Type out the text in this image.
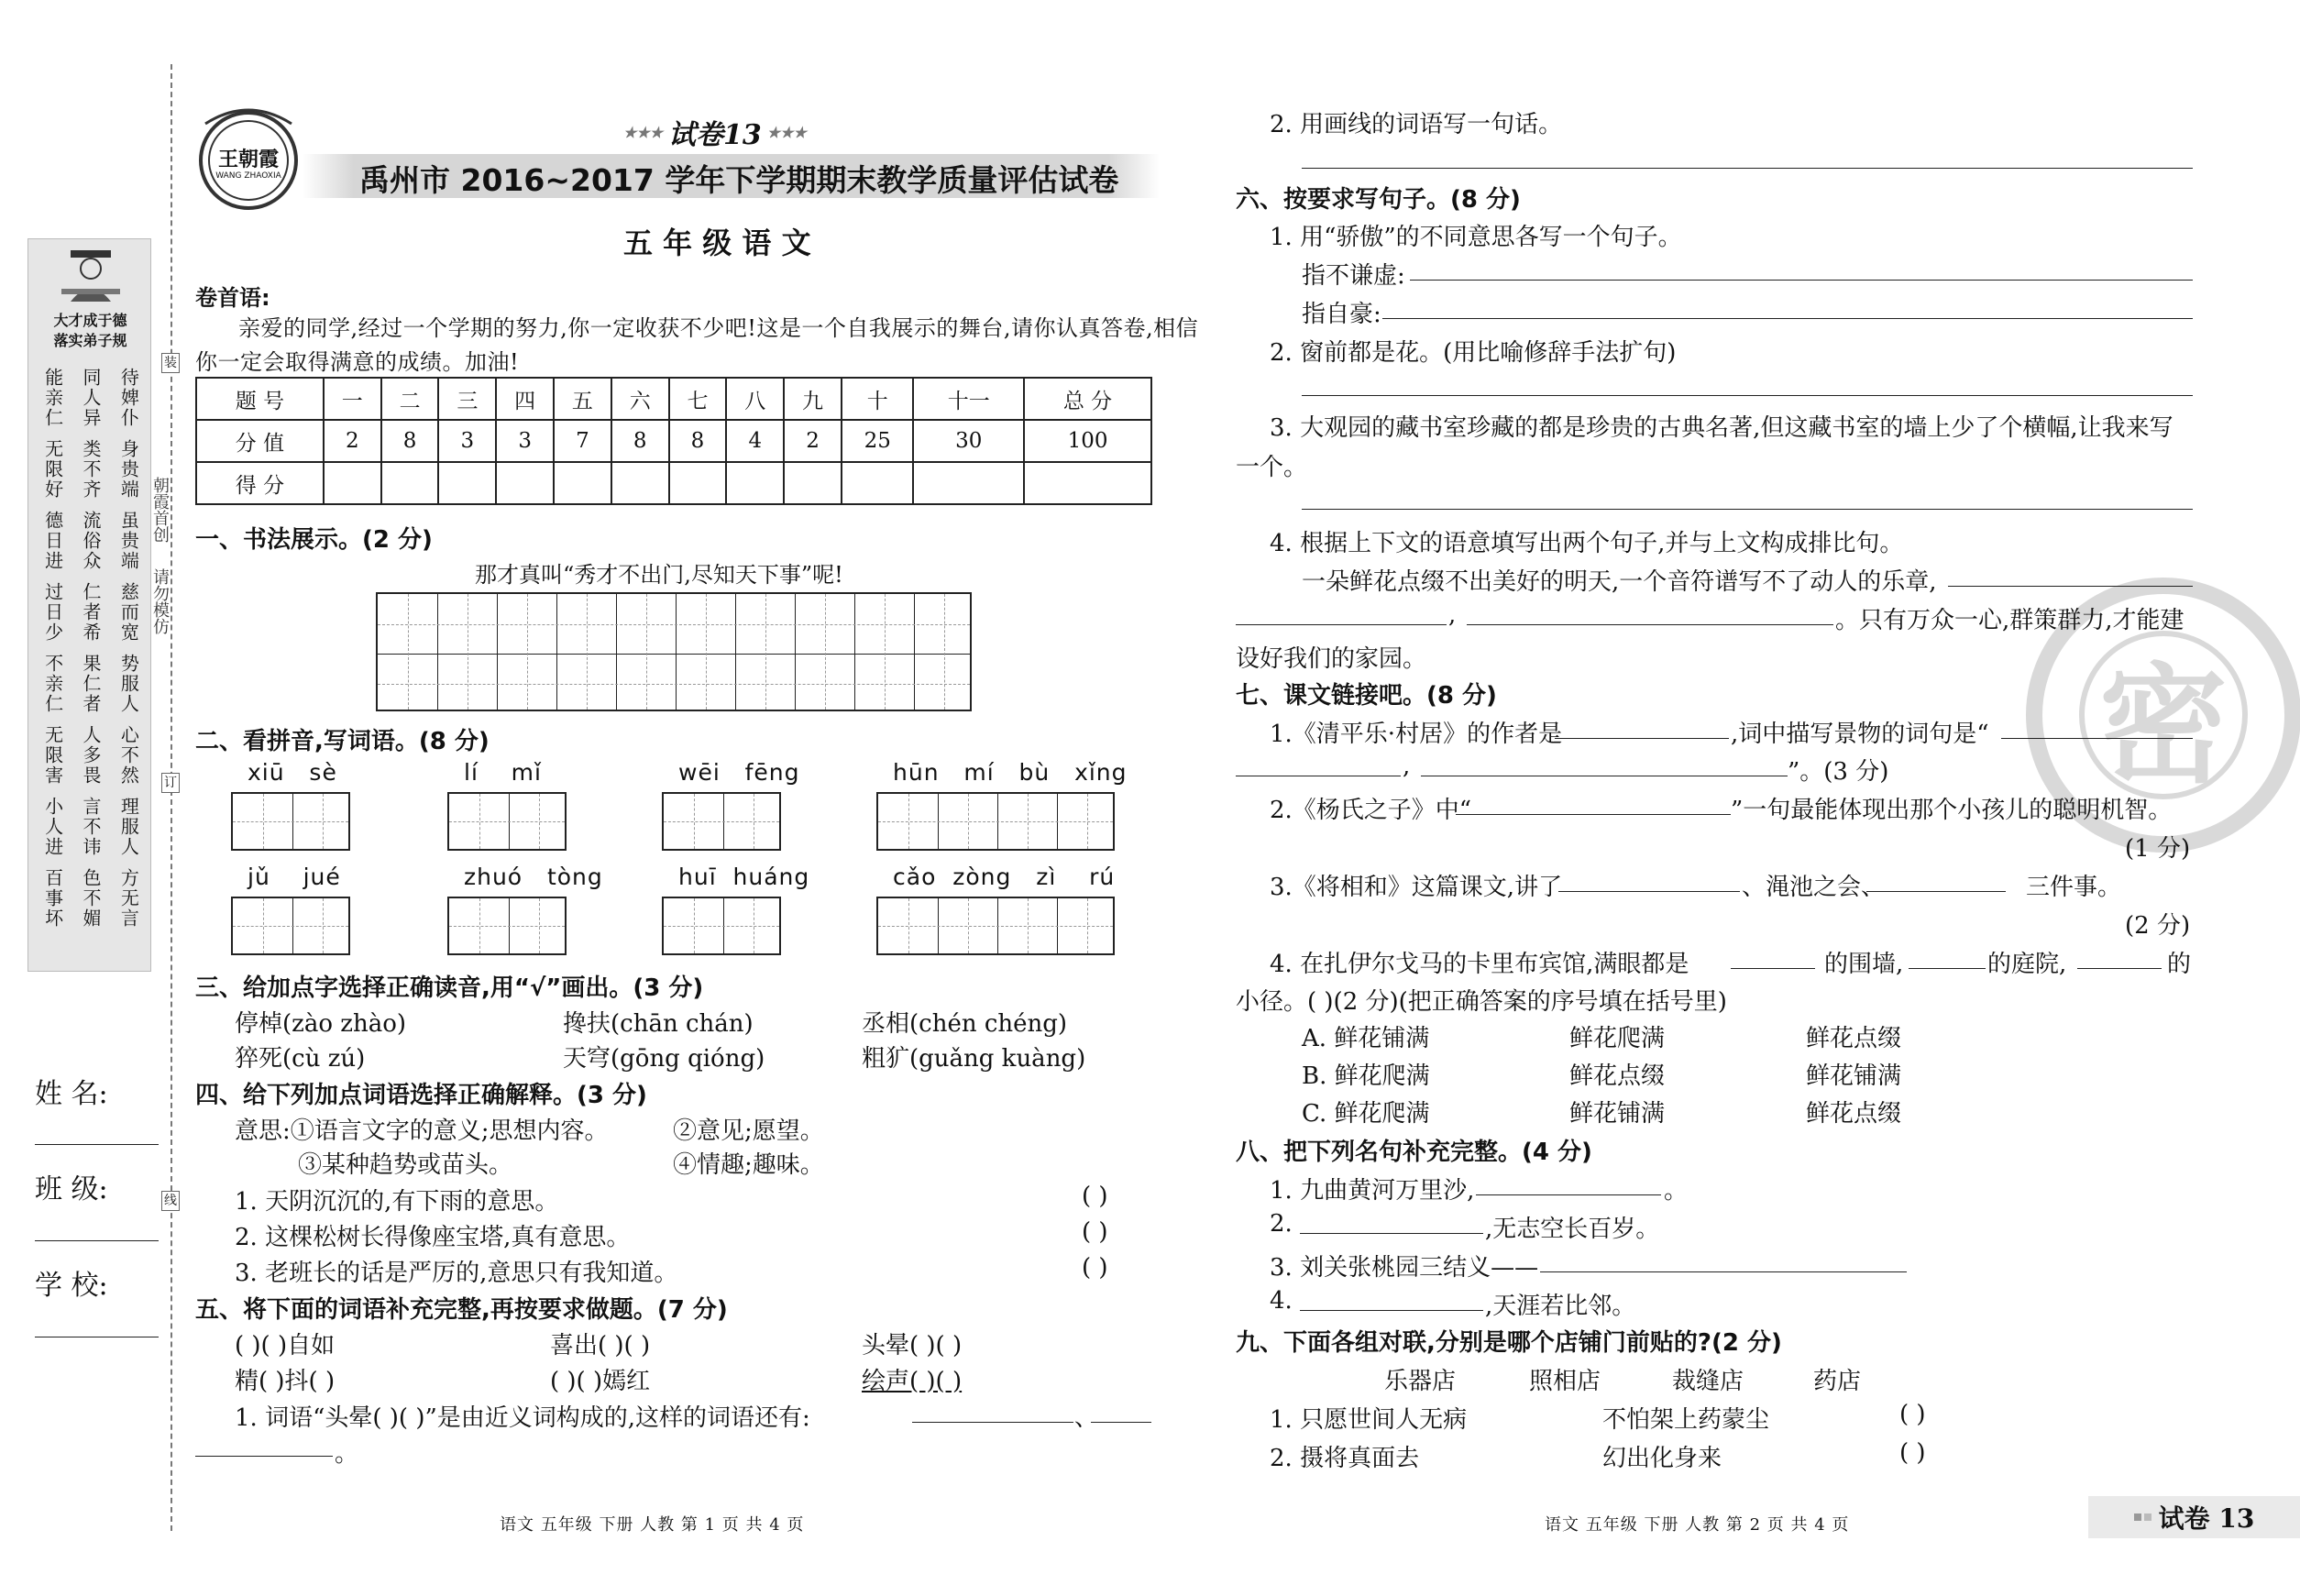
大才成于德
落实弟子规
能亲仁 同人异 待婢仆
无限好 类不齐 身贵端
德日进 流俗众 虽贵端
过日少 仁者希 慈而宽
不亲仁 果仁者 势服人
无限害 人多畏 心不然
小人进 言不讳 理服人
百事坏 色不媚 方无言
姓 名:
班 级:
学 校:
装
订
线
朝霞首创
请勿模仿
王朝霞
WANG ZHAOXIA
★★★ 试卷13 ★★★
禹州市 2016~2017 学年下学期期末教学质量评估试卷
五 年 级 语 文
卷首语:
亲爱的同学,经过一个学期的努力,你一定收获不少吧!这是一个自我展示的舞台,请你认真答卷,相信
你一定会取得满意的成绩。加油!
题 号	一	二	三	四	五	六	七	八	九	十	十一	总 分
分 值	2	8	3	3	7	8	8	4	2	25	30	100
得 分												
一、书法展示。(2 分)
那才真叫“秀才不出门,尽知天下事”呢!
二、看拼音,写词语。(8 分)
xiū   sè	lí    mǐ	wēi   fēng	hūn   mí   bù   xǐng
jǔ    jué	zhuó   tòng	huī  huáng	cǎo  zòng   zì    rú
三、给加点字选择正确读音,用“√”画出。(3 分)
停棹(zào zhào)	搀扶(chān chán)	丞相(chén chéng)
猝死(cù zú)	天穹(gōng qióng)	粗犷(guǎng kuàng)
四、给下列加点词语选择正确解释。(3 分)
意思:①语言文字的意义;思想内容。	②意见;愿望。
③某种趋势或苗头。	④情趣;趣味。
1. 天阴沉沉的,有下雨的意思。
2. 这棵松树长得像座宝塔,真有意思。
3. 老班长的话是严厉的,意思只有我知道。
( )
( )
( )
五、将下面的词语补充完整,再按要求做题。(7 分)
( )( )自如	喜出( )( )	头晕( )( )
精( )抖( )	( )( )嫣红	绘声( )( )
1. 词语“头晕( )( )”是由近义词构成的,这样的词语还有:	、
。
语文 五年级 下册 人教 第 1 页 共 4 页
密
2. 用画线的词语写一句话。
六、按要求写句子。(8 分)
1. 用“骄傲”的不同意思各写一个句子。
指不谦虚:
指自豪:
2. 窗前都是花。(用比喻修辞手法扩句)
3. 大观园的藏书室珍藏的都是珍贵的古典名著,但这藏书室的墙上少了个横幅,让我来写
一个。
4. 根据上下文的语意填写出两个句子,并与上文构成排比句。
一朵鲜花点缀不出美好的明天,一个音符谱写不了动人的乐章,
,	。只有万众一心,群策群力,才能建
设好我们的家园。
七、课文链接吧。(8 分)
1.《清平乐·村居》的作者是	,词中描写景物的词句是“
,	”。(3 分)
2.《杨氏之子》中“	”一句最能体现出那个小孩儿的聪明机智。
(1 分)
3.《将相和》这篇课文,讲了	、渑池之会、	三件事。
(2 分)
4. 在扎伊尔戈马的卡里布宾馆,满眼都是	的围墙,	的庭院,	的
小径。( )(2 分)(把正确答案的序号填在括号里)
A. 鲜花铺满	鲜花爬满	鲜花点缀
B. 鲜花爬满	鲜花点缀	鲜花铺满
C. 鲜花爬满	鲜花铺满	鲜花点缀
八、把下列名句补充完整。(4 分)
1. 九曲黄河万里沙,	。
2.	,无志空长百岁。
3. 刘关张桃园三结义——
4.	,天涯若比邻。
九、下面各组对联,分别是哪个店铺门前贴的?(2 分)
乐器店	照相店	裁缝店	药店
1. 只愿世间人无病	不怕架上药蒙尘	( )
2. 摄将真面去	幻出化身来	( )
语文 五年级 下册 人教 第 2 页 共 4 页	试卷 13
